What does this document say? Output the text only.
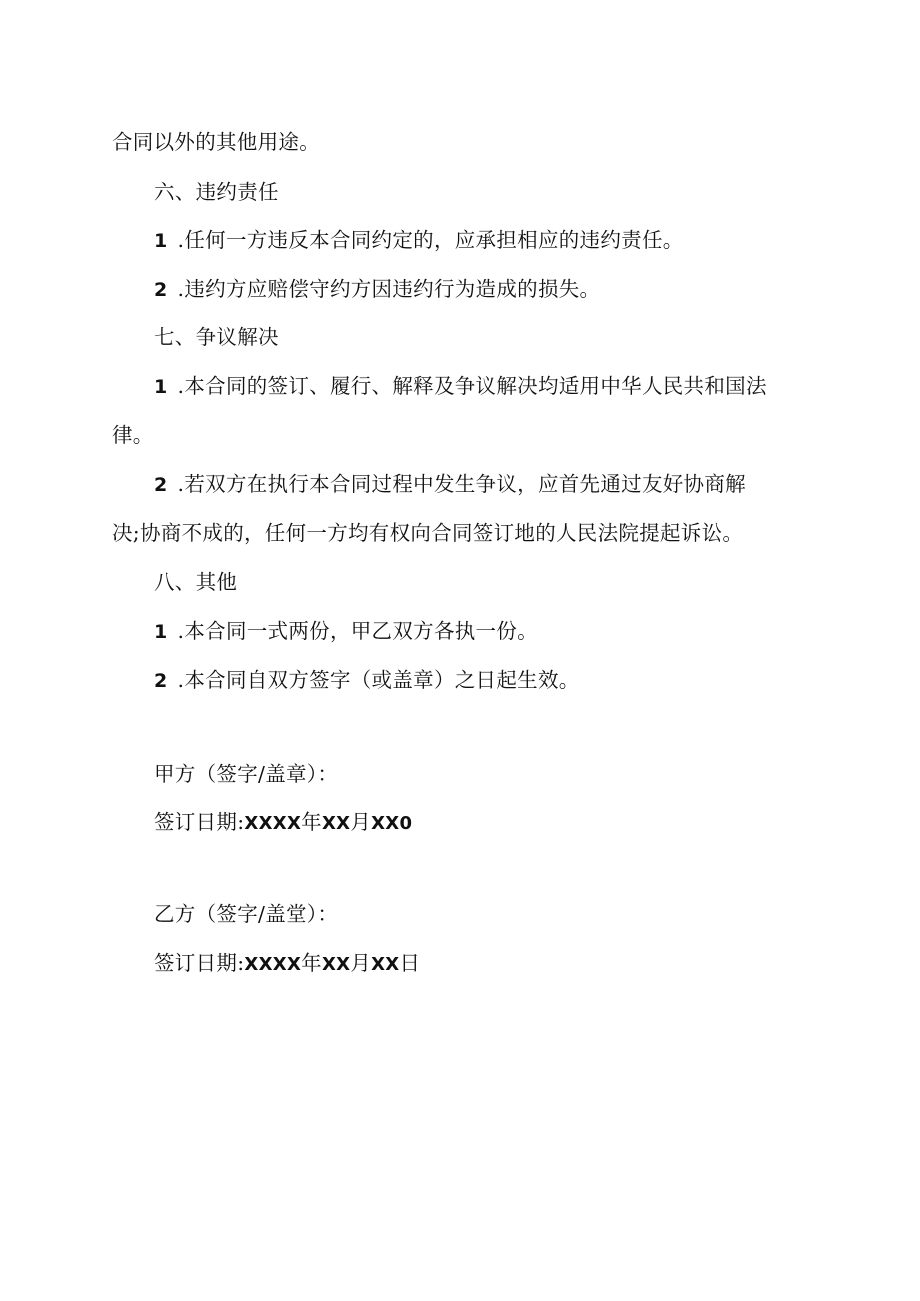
合同以外的其他用途。
六、违约责任
1 .任何一方违反本合同约定的，应承担相应的违约责任。
2 .违约方应赔偿守约方因违约行为造成的损失。
七、争议解决
1 .本合同的签订、履行、解释及争议解决均适用中华人民共和国法
律。
2 .若双方在执行本合同过程中发生争议，应首先通过友好协商解
决;协商不成的，任何一方均有权向合同签订地的人民法院提起诉讼。
八、其他
1 .本合同一式两份，甲乙双方各执一份。
2 .本合同自双方签字（或盖章）之日起生效。
甲方（签字/盖章）：
签订日期:XXXX年XX月XX0
乙方（签字/盖堂）：
签订日期:XXXX年XX月XX日
